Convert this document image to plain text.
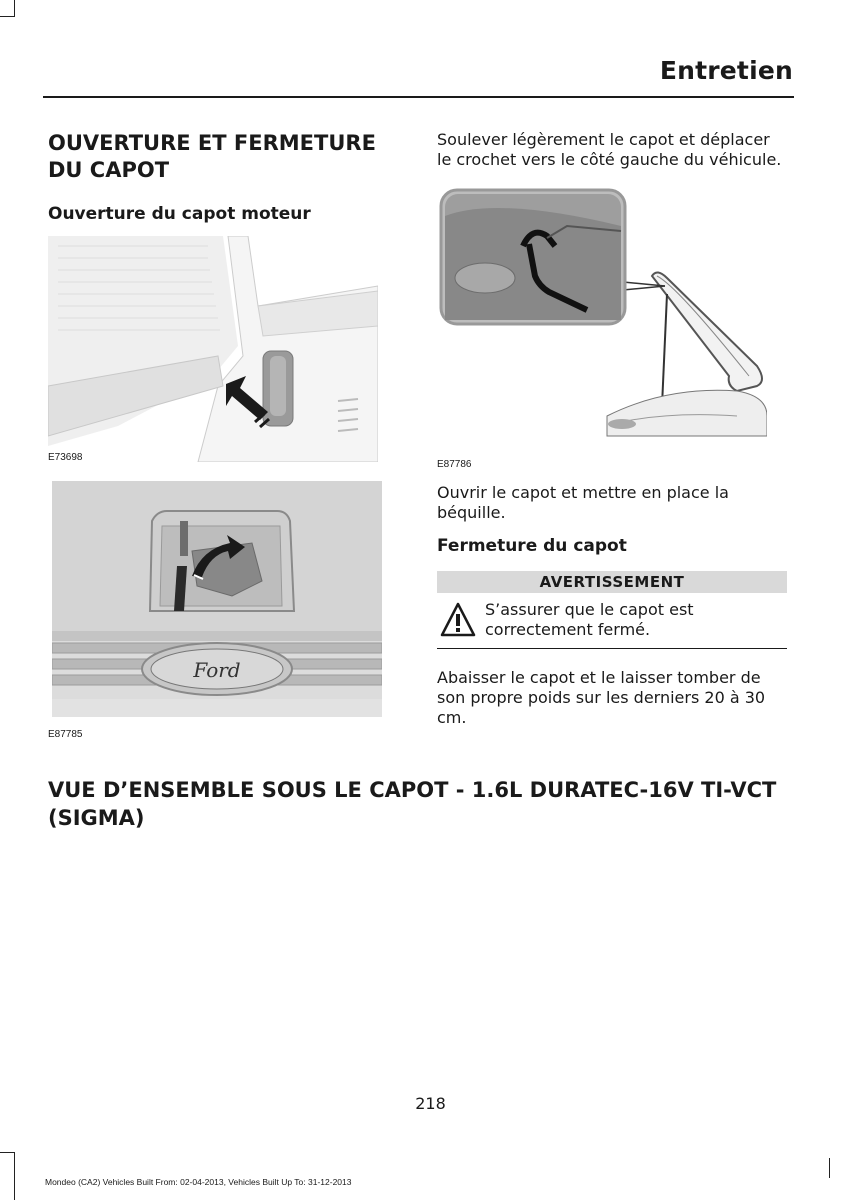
Entretien
OUVERTURE ET FERMETURE
DU CAPOT
Ouverture du capot moteur
E73698
Ford
E87785

Soulever légèrement le capot et déplacer
le crochet vers le côté gauche du véhicule.

E87786

Ouvrir le capot et mettre en place la
béquille.

Fermeture du capot
AVERTISSEMENT
S’assurer que le capot est
correctement fermé.

Abaisser le capot et le laisser tomber de
son propre poids sur les derniers 20 à 30
cm.

VUE D’ENSEMBLE SOUS LE CAPOT - 1.6L DURATEC-16V TI-VCT
(SIGMA)
218
Mondeo (CA2) Vehicles Built From: 02-04-2013, Vehicles Built Up To: 31-12-2013
